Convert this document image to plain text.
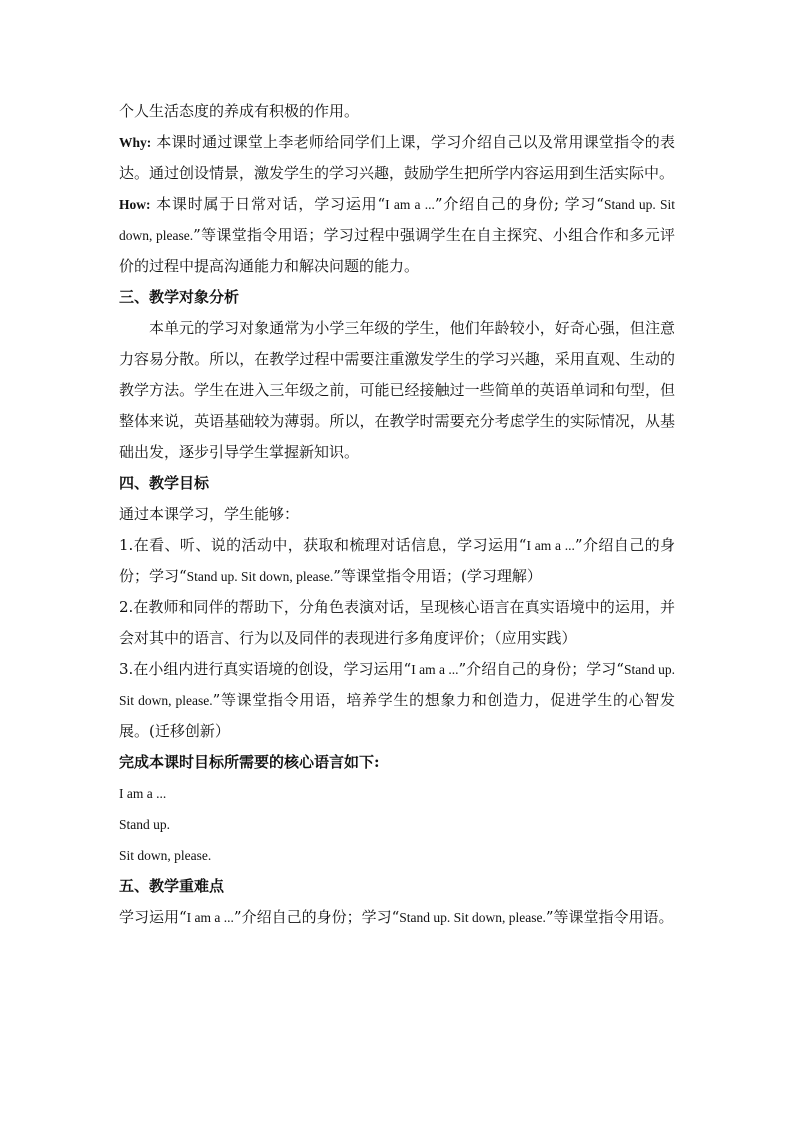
个人生活态度的养成有积极的作用。

Why: 本课时通过课堂上李老师给同学们上课，学习介绍自己以及常用课堂指令的表达。通过创设情景，激发学生的学习兴趣，鼓励学生把所学内容运用到生活实际中。

How: 本课时属于日常对话，学习运用“I am a ...”介绍自己的身份; 学习“Stand up. Sit down, please.”等课堂指令用语；学习过程中强调学生在自主探究、小组合作和多元评价的过程中提高沟通能力和解决问题的能力。

三、教学对象分析

本单元的学习对象通常为小学三年级的学生，他们年龄较小，好奇心强，但注意力容易分散。所以，在教学过程中需要注重激发学生的学习兴趣，采用直观、生动的教学方法。学生在进入三年级之前，可能已经接触过一些简单的英语单词和句型，但整体来说，英语基础较为薄弱。所以，在教学时需要充分考虑学生的实际情况，从基础出发，逐步引导学生掌握新知识。

四、教学目标

通过本课学习，学生能够：

1.在看、听、说的活动中，获取和梳理对话信息，学习运用“I am a ...”介绍自己的身份；学习“Stand up. Sit down, please.”等课堂指令用语；(学习理解）

2.在教师和同伴的帮助下，分角色表演对话，呈现核心语言在真实语境中的运用，并会对其中的语言、行为以及同伴的表现进行多角度评价；（应用实践）

3.在小组内进行真实语境的创设，学习运用“I am a ...”介绍自己的身份；学习“Stand up. Sit down, please.”等课堂指令用语，培养学生的想象力和创造力，促进学生的心智发展。(迁移创新）

完成本课时目标所需要的核心语言如下:

I am a ...

Stand up.

Sit down, please.

五、教学重难点

学习运用“I am a ...”介绍自己的身份；学习“Stand up. Sit down, please.”等课堂指令用语。
